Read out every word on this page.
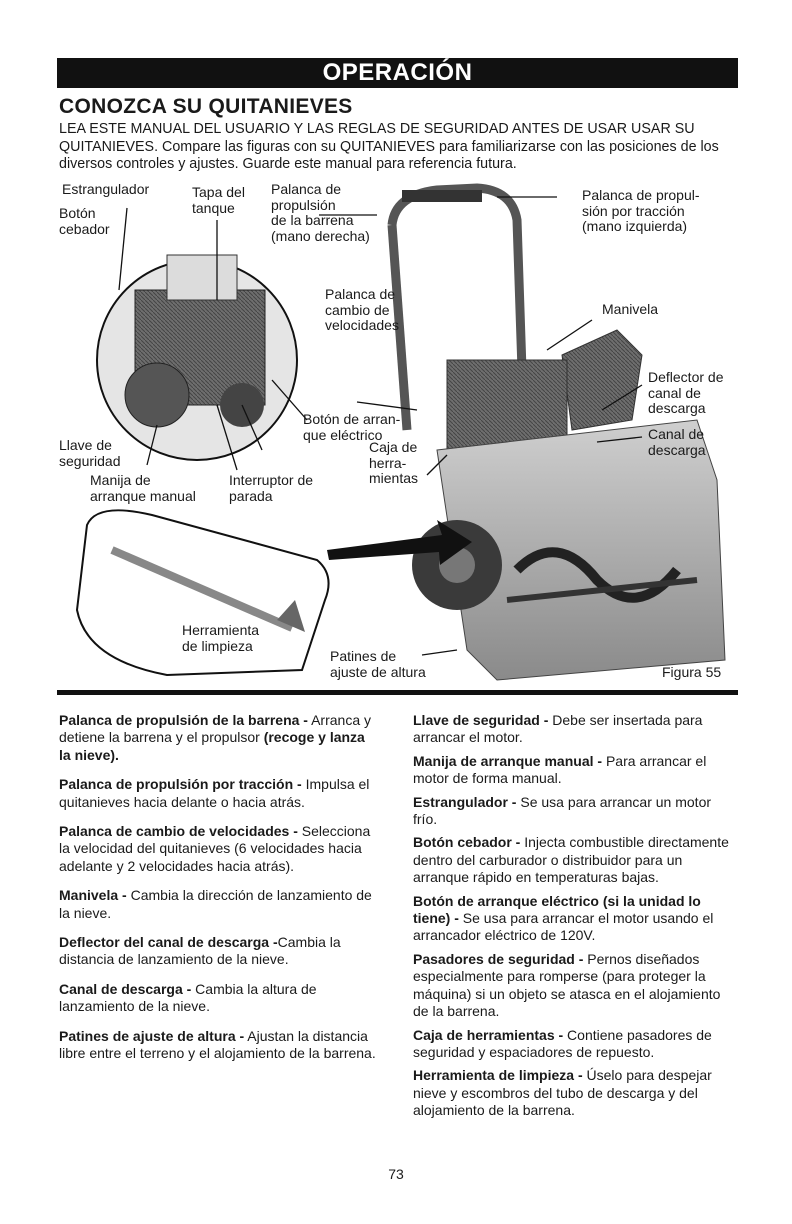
OPERACIÓN
CONOZCA SU QUITANIEVES

LEA ESTE MANUAL DEL USUARIO Y LAS REGLAS DE SEGURIDAD ANTES DE USAR USAR SU QUITANIEVES. Compare las figuras con su QUITANIEVES para familiarizarse con las posiciones de los diversos controles y ajustes. Guarde este manual para referencia futura.

Estrangulador

Botón
cebador

Tapa del
tanque

Palanca de
propulsión
de la barrena
(mano derecha)

Palanca de propul-
sión por tracción
(mano izquierda)

Palanca de
cambio de
velocidades

Manivela

Deflector de
canal de
descarga

Canal de
descarga

Botón de arran-
que eléctrico

Llave de
seguridad

Manija de
arranque manual

Interruptor de
parada

Caja de
herra-
mientas

Herramienta
de limpieza

Patines de
ajuste de altura	Figura 55

Palanca de propulsión de la barrena - Arranca y detiene la barrena y el propulsor (recoge y lanza la nieve).

Palanca de propulsión por tracción - Impulsa el quitanieves hacia delante o hacia atrás.

Palanca de cambio de velocidades - Selecciona la velocidad del quitanieves (6 velocidades hacia adelante y 2 velocidades hacia atrás).

Manivela - Cambia la dirección de lanzamiento de la nieve.

Deflector del canal de descarga -Cambia la distancia de lanzamiento de la nieve.

Canal de descarga - Cambia la altura de lanzamiento de la nieve.

Patines de ajuste de altura - Ajustan la distancia libre entre el terreno y el alojamiento de la barrena.

Llave de seguridad - Debe ser insertada para arrancar el motor.

Manija de arranque manual - Para arrancar el motor de forma manual.

Estrangulador - Se usa para arrancar un motor frío.

Botón cebador - Injecta combustible directamente dentro del carburador o distribuidor para un arranque rápido en temperaturas bajas.

Botón de arranque eléctrico (si la unidad lo tiene) - Se usa para arrancar el motor usando el arrancador eléctrico de 120V.

Pasadores de seguridad - Pernos diseñados especialmente para romperse (para proteger la máquina) si un objeto se atasca en el alojamiento de la barrena.

Caja de herramientas - Contiene pasadores de seguridad y espaciadores de repuesto.

Herramienta de limpieza - Úselo para despejar nieve y escombros del tubo de descarga y del alojamiento de la barrena.

73
